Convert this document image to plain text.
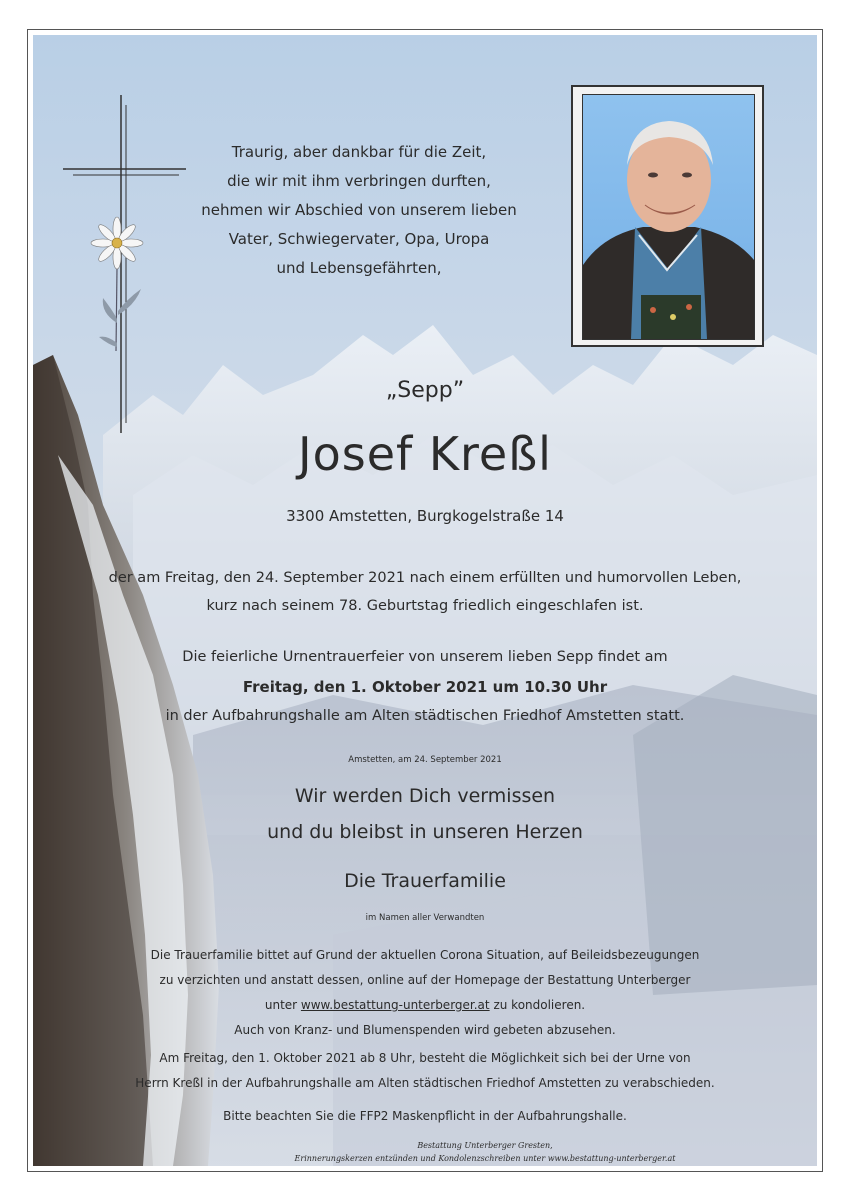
Traurig, aber dankbar für die Zeit,
die wir mit ihm verbringen durften,
nehmen wir Abschied von unserem lieben
Vater, Schwiegervater, Opa, Uropa
und Lebensgefährten,
„Sepp”
Josef Kreßl
3300 Amstetten, Burgkogelstraße 14
der am Freitag, den 24. September 2021 nach einem erfüllten und humorvollen Leben,
kurz nach seinem 78. Geburtstag friedlich eingeschlafen ist.
Die feierliche Urnentrauerfeier von unserem lieben Sepp findet am
Freitag, den 1. Oktober 2021 um 10.30 Uhr
in der Aufbahrungshalle am Alten städtischen Friedhof Amstetten statt.
Amstetten, am 24. September 2021
Wir werden Dich vermissen
und du bleibst in unseren Herzen
Die Trauerfamilie
im Namen aller Verwandten
Die Trauerfamilie bittet auf Grund der aktuellen Corona Situation, auf Beileidsbezeugungen
zu verzichten und anstatt dessen, online auf der Homepage der Bestattung Unterberger
unter www.bestattung-unterberger.at zu kondolieren.
Auch von Kranz- und Blumenspenden wird gebeten abzusehen.
Am Freitag, den 1. Oktober 2021 ab 8 Uhr, besteht die Möglichkeit sich bei der Urne von
Herrn Kreßl in der Aufbahrungshalle am Alten städtischen Friedhof Amstetten zu verabschieden.
Bitte beachten Sie die FFP2 Maskenpflicht in der Aufbahrungshalle.
Bestattung Unterberger Gresten,
Erinnerungskerzen entzünden und Kondolenzschreiben unter www.bestattung-unterberger.at
